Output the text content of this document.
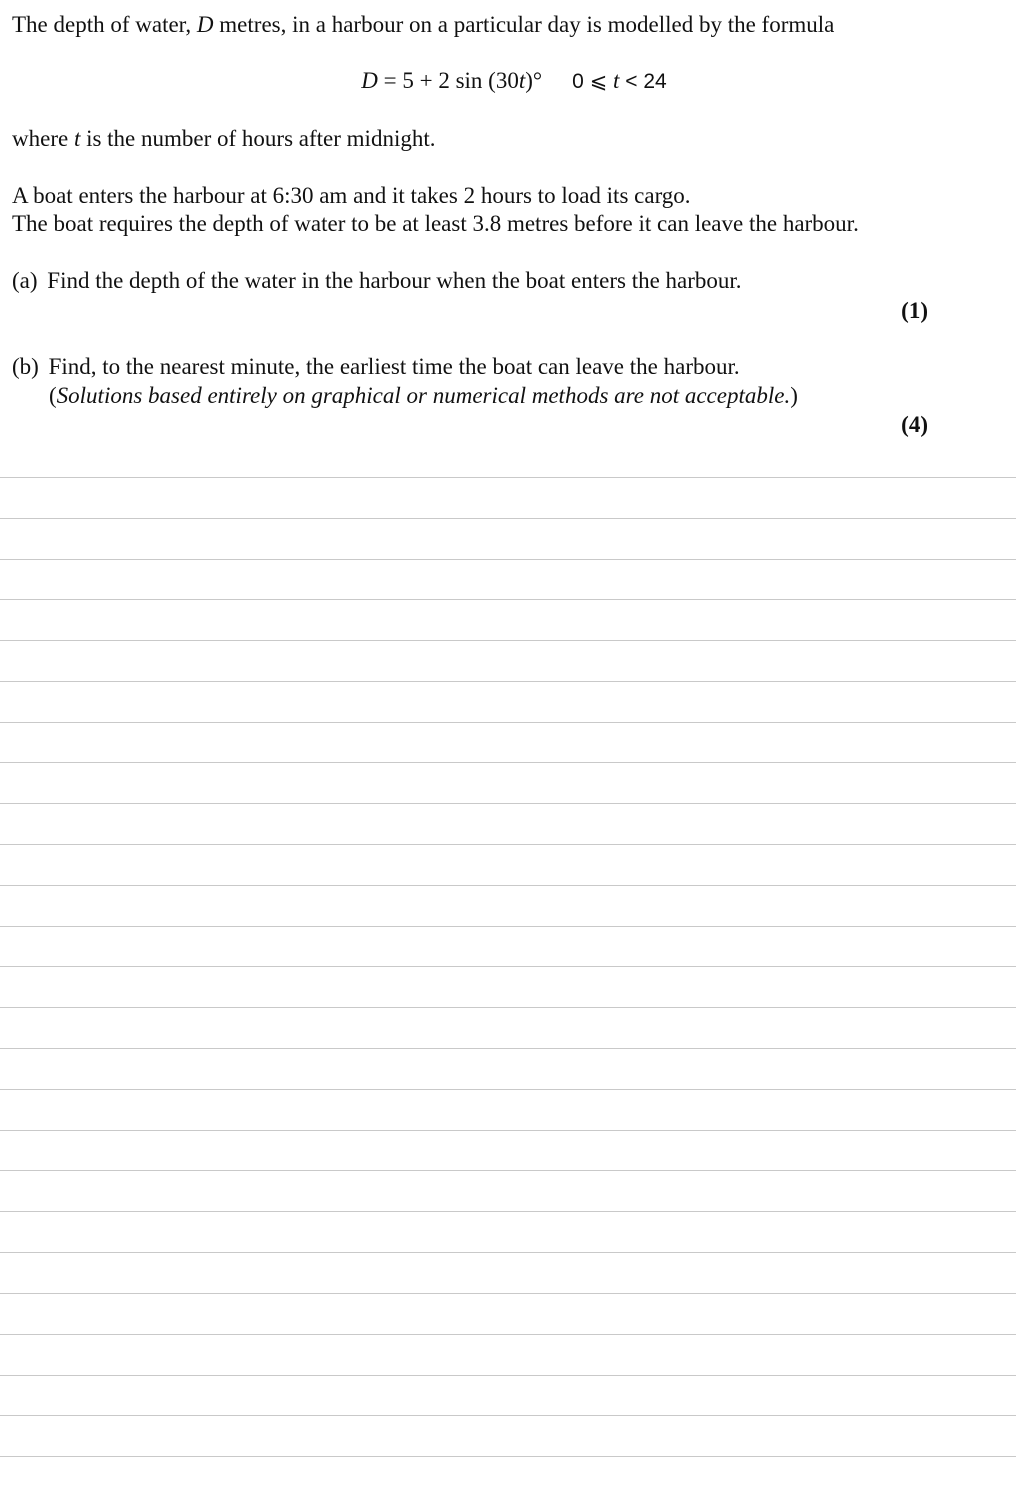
The depth of water, D metres, in a harbour on a particular day is modelled by the formula
D = 5 + 2 sin (30t)° 0 ⩽ t < 24
where t is the number of hours after midnight.
A boat enters the harbour at 6:30 am and it takes 2 hours to load its cargo.
The boat requires the depth of water to be at least 3.8 metres before it can leave the harbour.
(a) Find the depth of the water in the harbour when the boat enters the harbour.
(1)
(b) Find, to the nearest minute, the earliest time the boat can leave the harbour.
(Solutions based entirely on graphical or numerical methods are not acceptable.)
(4)
